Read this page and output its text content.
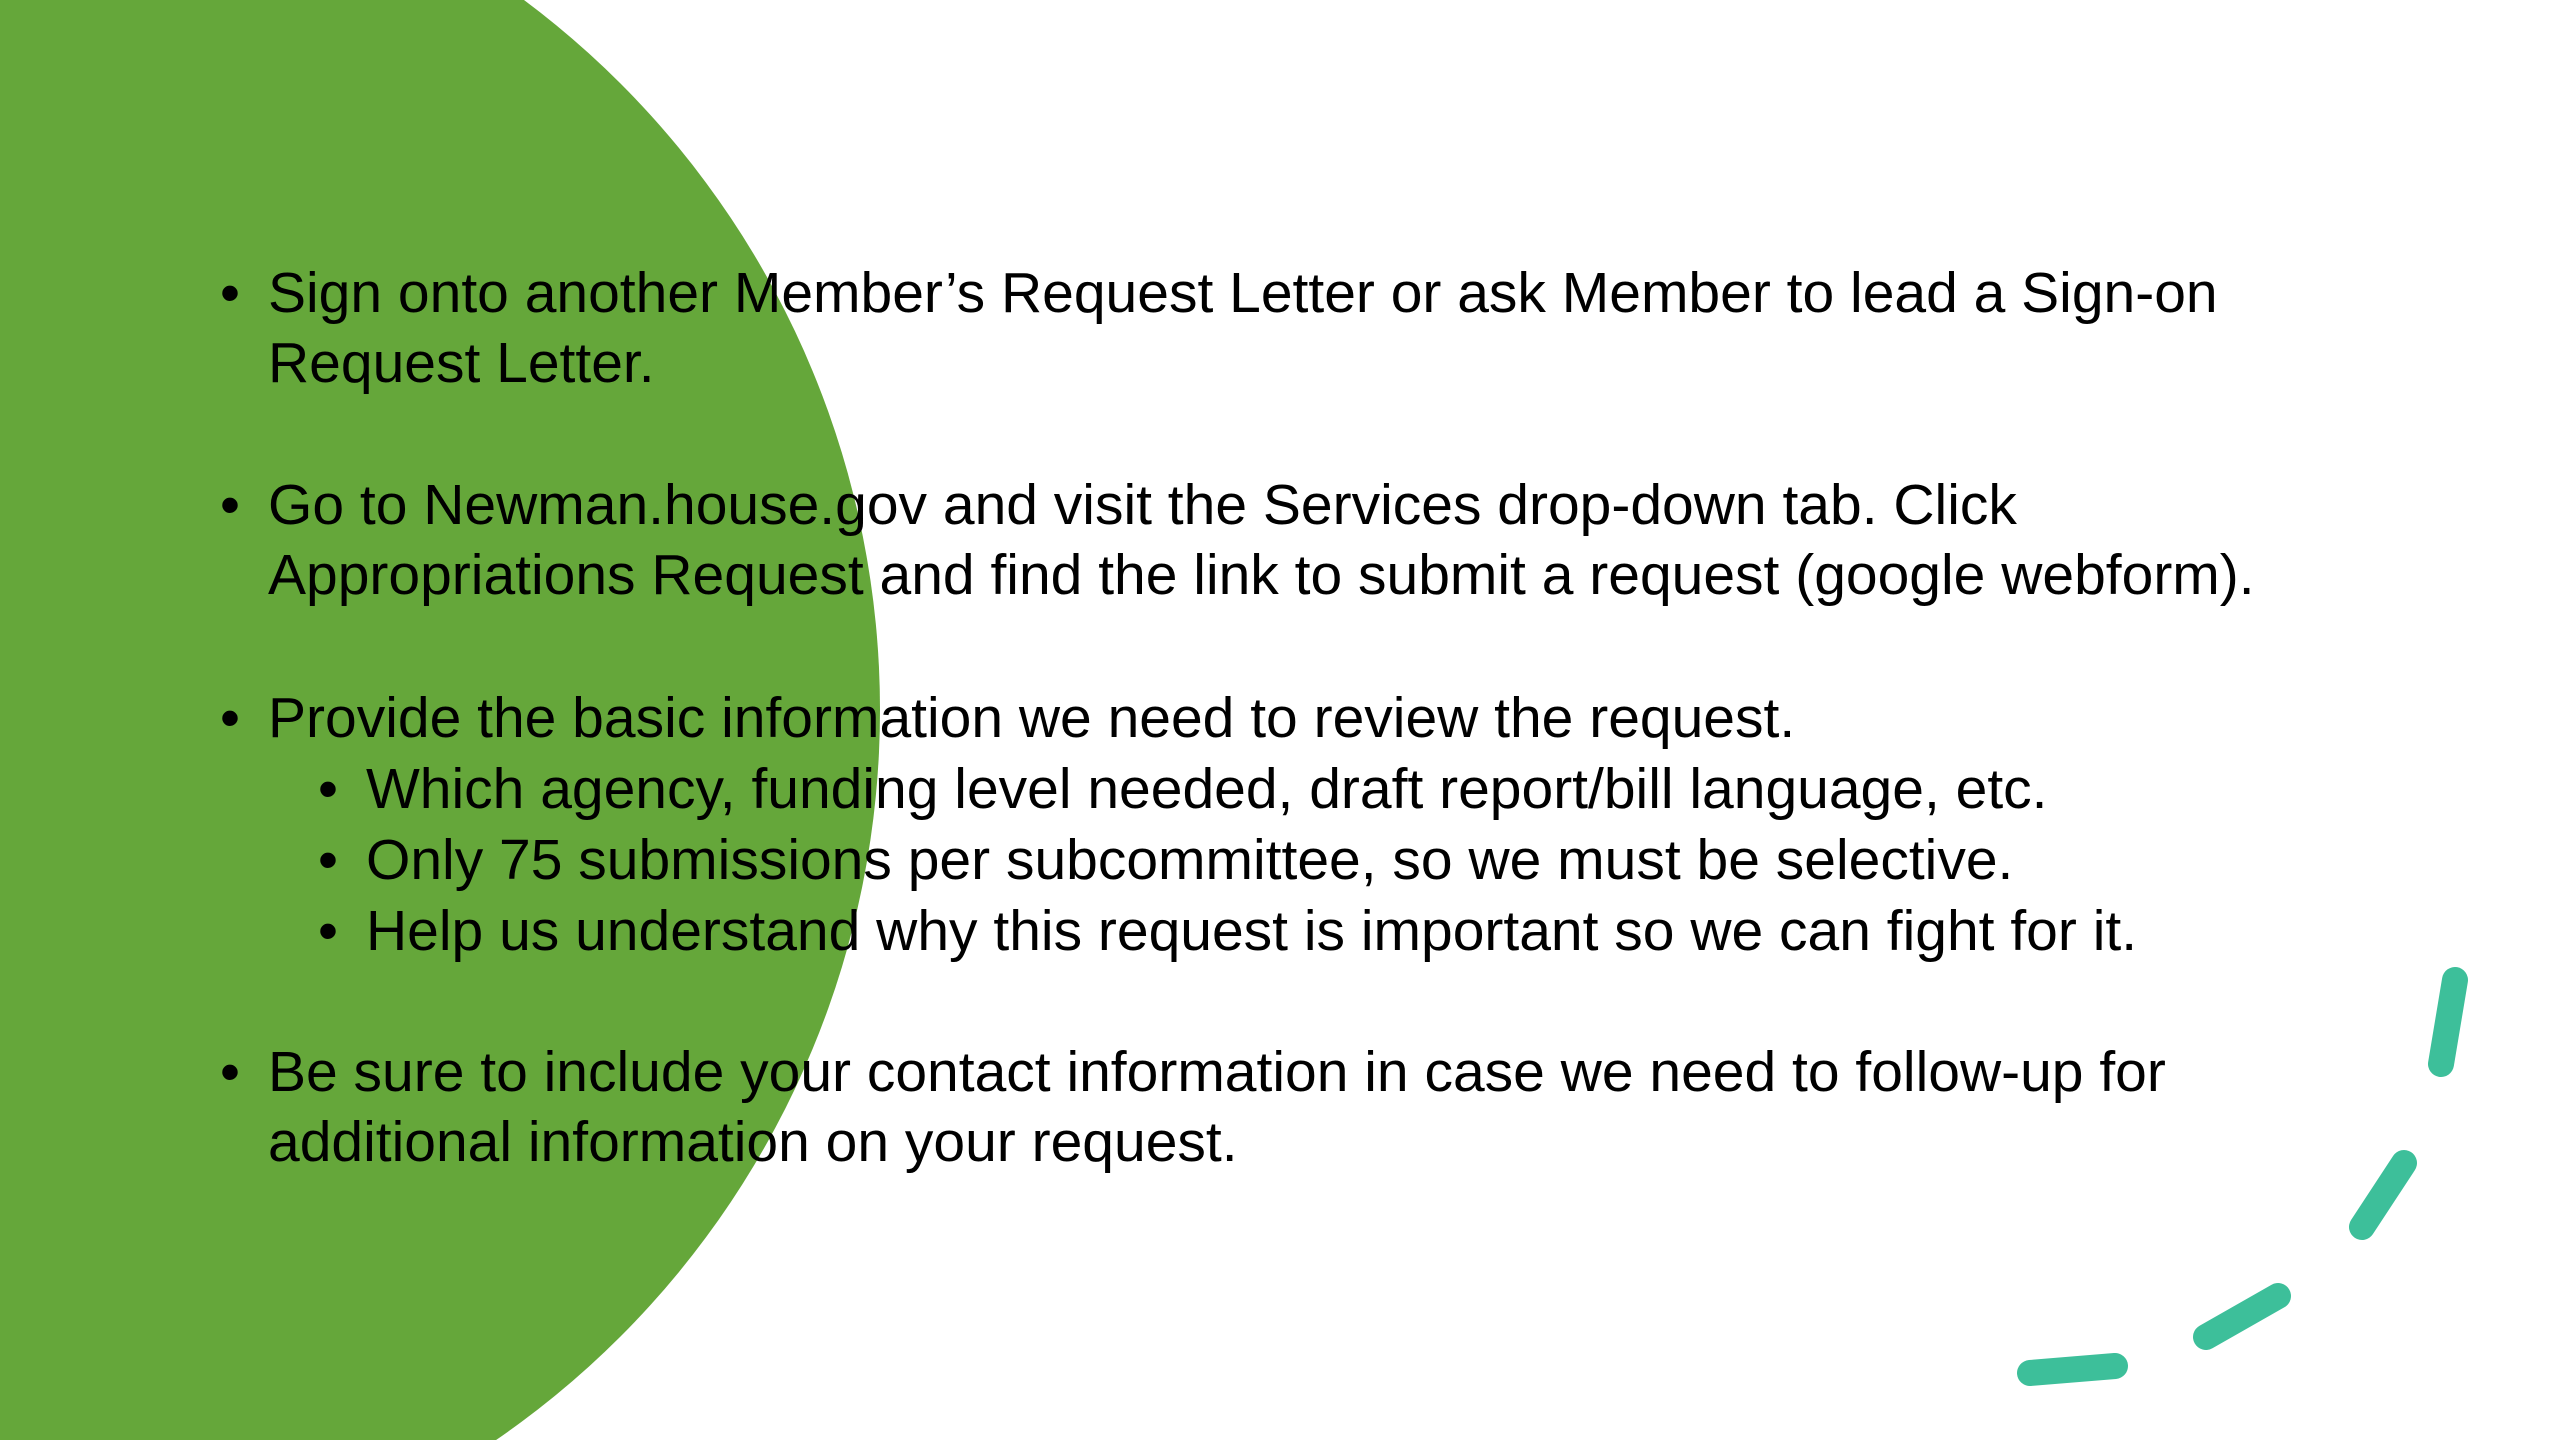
• Sign onto another Member’s Request Letter or ask Member to lead a Sign-on
Request Letter.
• Go to Newman.house.gov and visit the Services drop-down tab. Click
Appropriations Request and find the link to submit a request (google webform).
• Provide the basic information we need to review the request.
• Which agency, funding level needed, draft report/bill language, etc.
• Only 75 submissions per subcommittee, so we must be selective.
• Help us understand why this request is important so we can fight for it.
• Be sure to include your contact information in case we need to follow-up for
additional information on your request.
